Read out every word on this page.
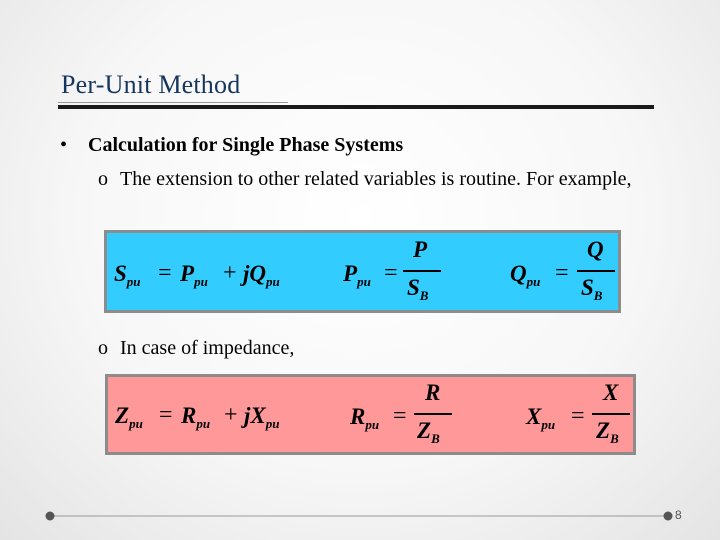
Per-Unit Method
• Calculation for Single Phase Systems
o The extension to other related variables is routine. For example,
$S_{pu} = P_{pu} + jQ_{pu}$	$P_{pu}$ =
P
$S_B$
$Q_{pu}$ =
Q
$S_B$
o In case of impedance,
$Z_{pu} = R_{pu} + jX_{pu}$	$R_{pu}$ =
R
$Z_B$
$X_{pu}$ =
X
$Z_B$
8
